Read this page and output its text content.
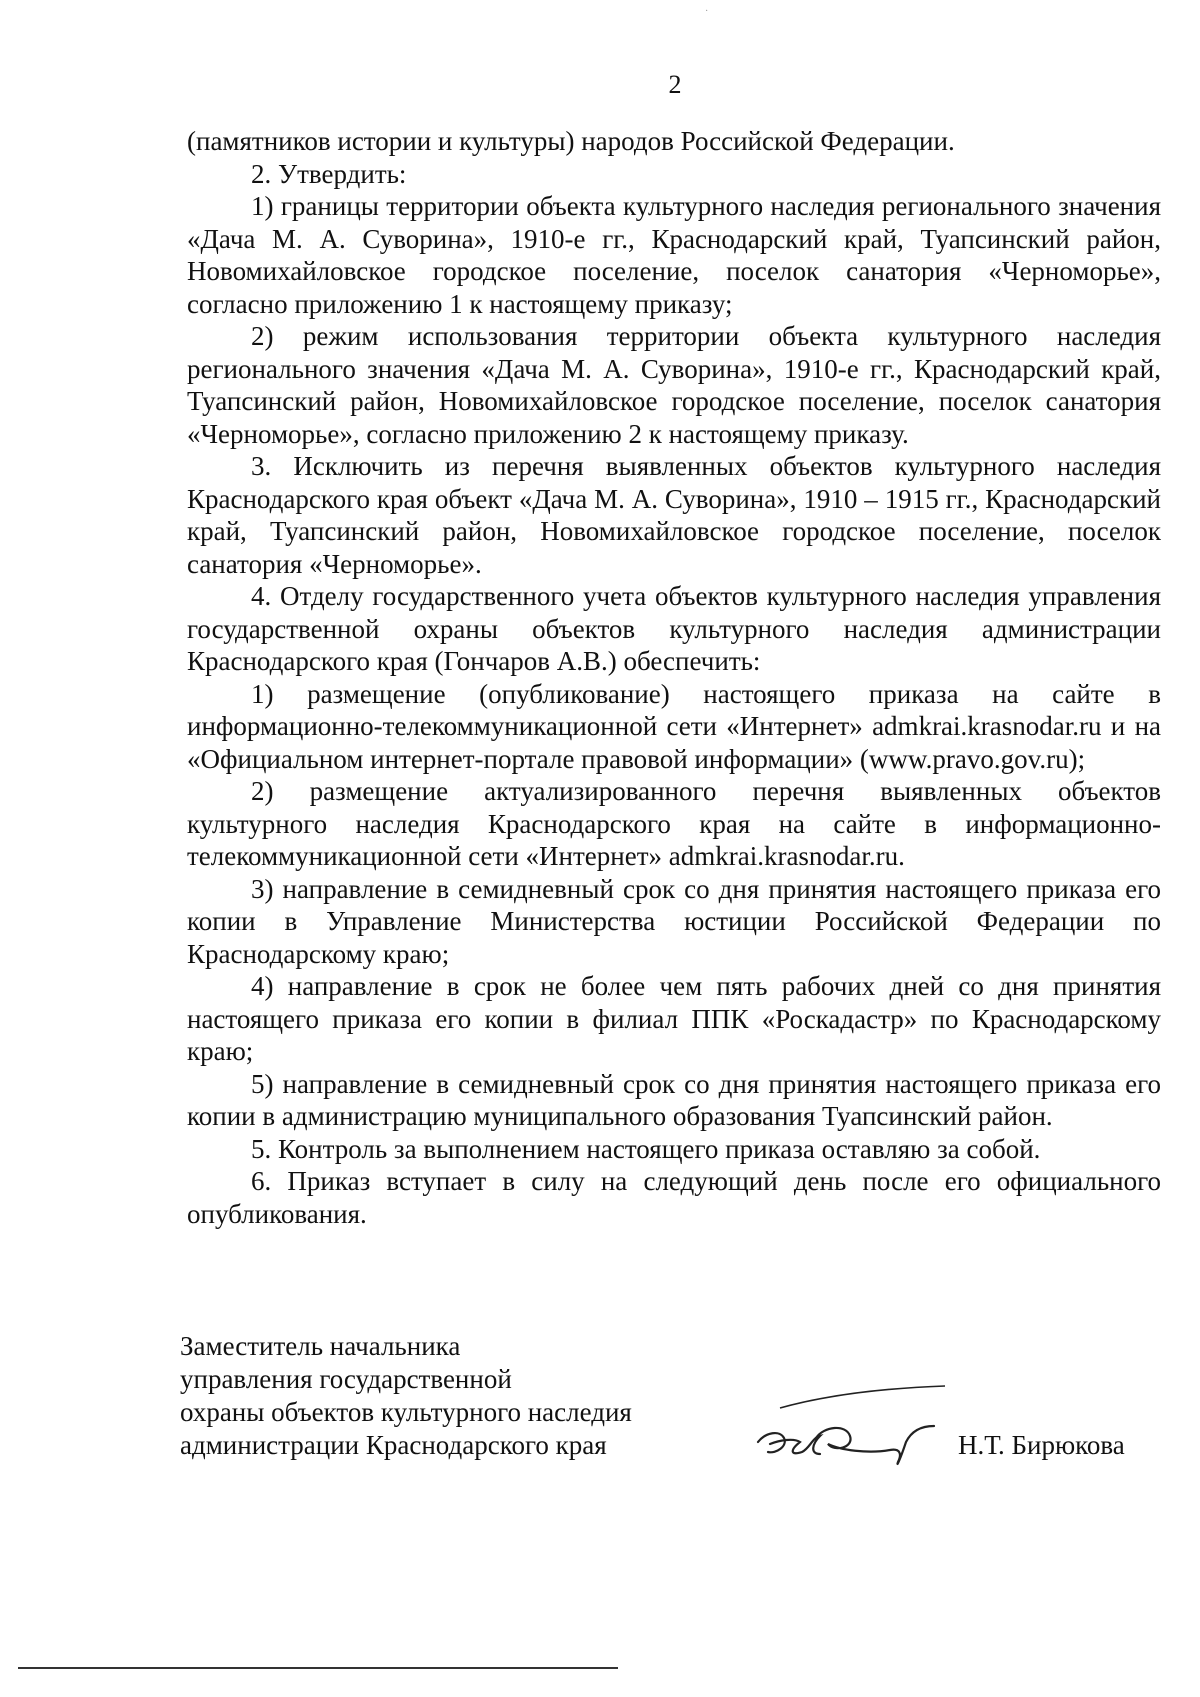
·
2

(памятников истории и культуры) народов Российской Федерации.

2. Утвердить:

1) границы территории объекта культурного наследия регионального значения «Дача М. А. Суворина», 1910-е гг., Краснодарский край, Туапсинский район, Новомихайловское городское поселение, поселок санатория «Черноморье», согласно приложению 1 к настоящему приказу;

2) режим использования территории объекта культурного наследия регионального значения «Дача М. А. Суворина», 1910-е гг., Краснодарский край, Туапсинский район, Новомихайловское городское поселение, поселок санатория «Черноморье», согласно приложению 2 к настоящему приказу.

3. Исключить из перечня выявленных объектов культурного наследия Краснодарского края объект «Дача М. А. Суворина», 1910 – 1915 гг., Краснодарский край, Туапсинский район, Новомихайловское городское поселение, поселок санатория «Черноморье».

4. Отделу государственного учета объектов культурного наследия управления государственной охраны объектов культурного наследия администрации Краснодарского края (Гончаров А.В.) обеспечить:

1) размещение (опубликование) настоящего приказа на сайте в информационно-телекоммуникационной сети «Интернет» admkrai.krasnodar.ru и на «Официальном интернет-портале правовой информации» (www.pravo.gov.ru);

2) размещение актуализированного перечня выявленных объектов культурного наследия Краснодарского края на сайте в информационно-телекоммуникационной сети «Интернет» admkrai.krasnodar.ru.

3) направление в семидневный срок со дня принятия настоящего приказа его копии в Управление Министерства юстиции Российской Федерации по Краснодарскому краю;

4) направление в срок не более чем пять рабочих дней со дня принятия настоящего приказа его копии в филиал ППК «Роскадастр» по Краснодарскому краю;

5) направление в семидневный срок со дня принятия настоящего приказа его копии в администрацию муниципального образования Туапсинский район.

5. Контроль за выполнением настоящего приказа оставляю за собой.

6. Приказ вступает в силу на следующий день после его официального опубликования.

Заместитель начальника
управления государственной
охраны объектов культурного наследия
администрации Краснодарского края	Н.Т. Бирюкова
